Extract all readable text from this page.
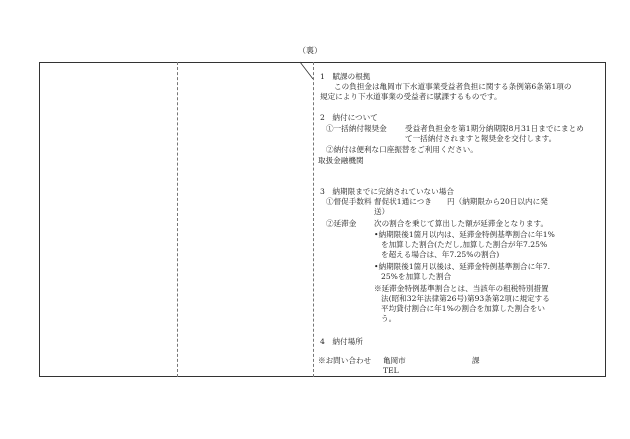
（裏）
1　賦課の根拠
この負担金は亀岡市下水道事業受益者負担に関する条例第6条第1項の
規定により下水道事業の受益者に賦課するものです。
2　納付について
①一括納付報奨金 受益者負担金を第1期分納期限8月31日までにまとめ
て一括納付されますと報奨金を交付します。
②納付は便利な口座振替をご利用ください。
取扱金融機関
3　納期限までに完納されていない場合
①督促手数料 督促状1通につき　　円（納期限から20日以内に発
送）
②延滞金 次の割合を乗じて算出した額が延滞金となります。
•納期限後1箇月以内は、延滞金特例基準割合に年1%
を加算した割合(ただし,加算した割合が年7.25%
を超える場合は、年7.25%の割合)
•納期限後1箇月以後は、延滞金特例基準割合に年7.
25%を加算した割合
※延滞金特例基準割合とは、当該年の租税特別措置
法(昭和32年法律第26号)第93条第2項に規定する
平均貸付割合に年1%の割合を加算した割合をい
う。
4　納付場所
※お問い合わせ 亀岡市	課
TEL
